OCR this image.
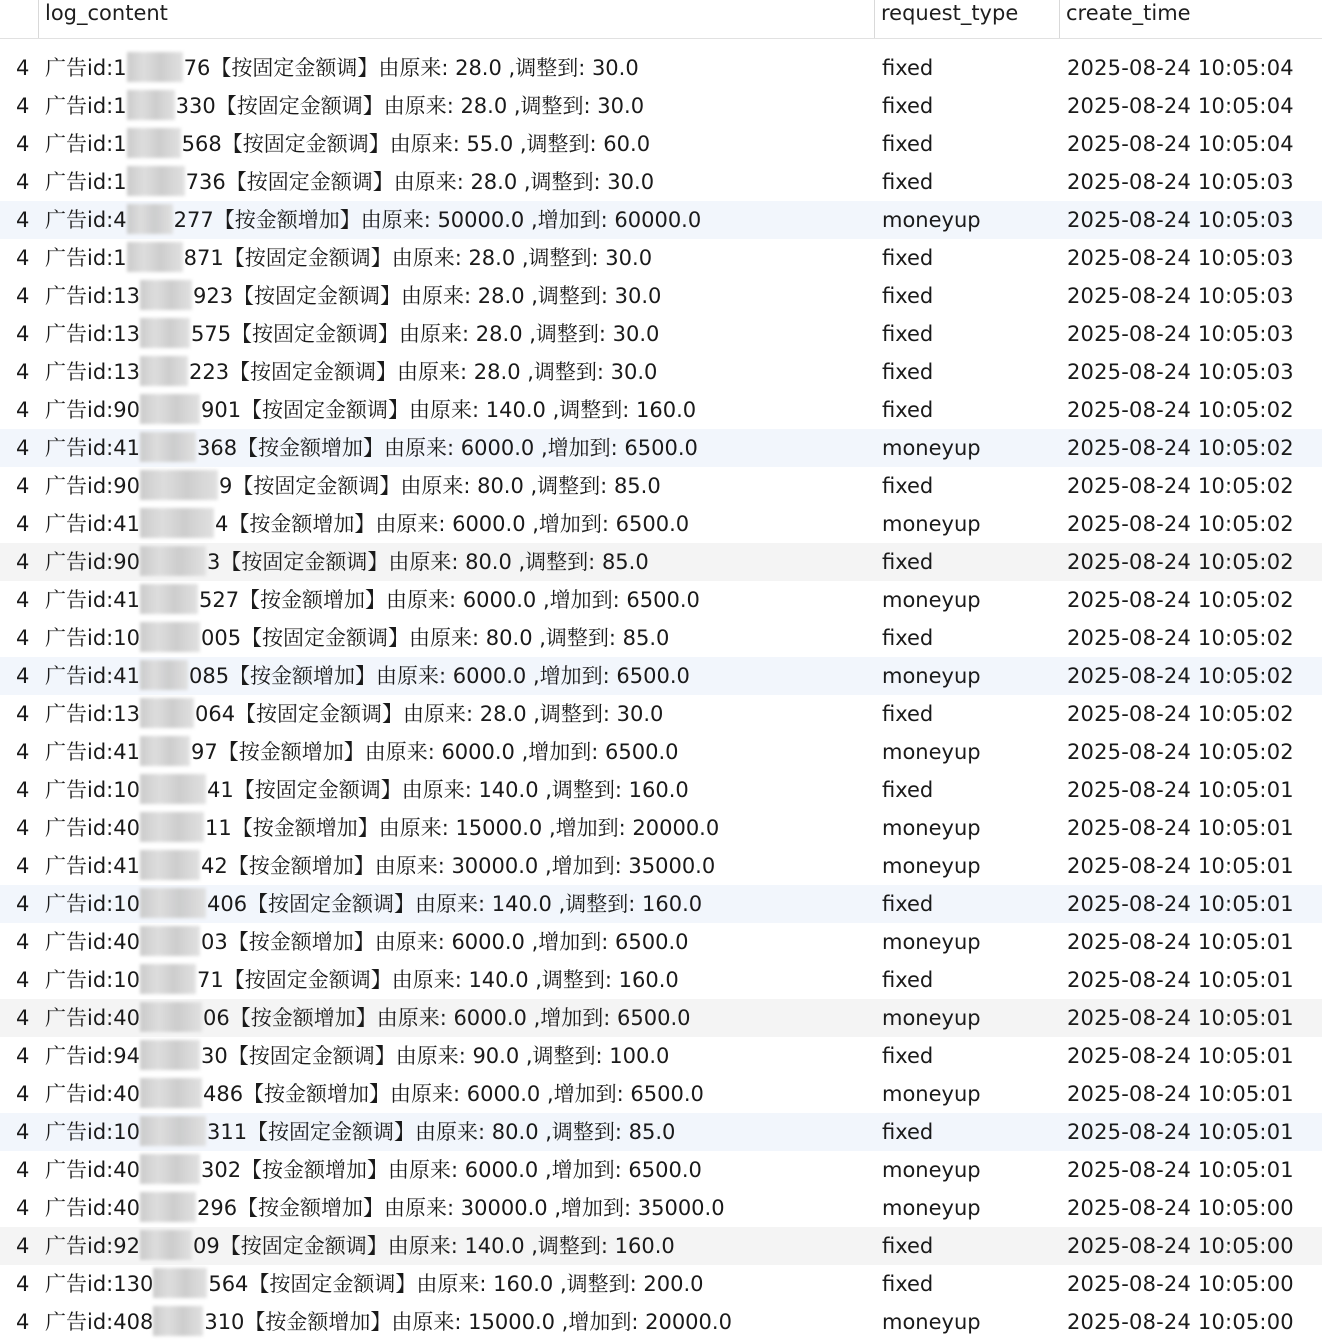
log_content	request_type	create_time
4 广告id:1	76【按固定金额调】由原来: 28.0 ,调整到: 30.0	fixed	2025-08-24 10:05:04
4 广告id:1 330【按固定金额调】由原来: 28.0 ,调整到: 30.0	fixed	2025-08-24 10:05:04
4 广告id:1	568【按固定金额调】由原来: 55.0 ,调整到: 60.0	fixed	2025-08-24 10:05:04
4 广告id:1	736【按固定金额调】由原来: 28.0 ,调整到: 30.0	fixed	2025-08-24 10:05:03
4 广告id:4 277【按金额增加】由原来: 50000.0 ,增加到: 60000.0	moneyup	2025-08-24 10:05:03
4 广告id:1	871【按固定金额调】由原来: 28.0 ,调整到: 30.0	fixed	2025-08-24 10:05:03
4 广告id:13	923【按固定金额调】由原来: 28.0 ,调整到: 30.0	fixed	2025-08-24 10:05:03
4 广告id:13 575【按固定金额调】由原来: 28.0 ,调整到: 30.0	fixed	2025-08-24 10:05:03
4 广告id:13 223【按固定金额调】由原来: 28.0 ,调整到: 30.0	fixed	2025-08-24 10:05:03
4 广告id:90	901【按固定金额调】由原来: 140.0 ,调整到: 160.0	fixed	2025-08-24 10:05:02
4 广告id:41	368【按金额增加】由原来: 6000.0 ,增加到: 6500.0	moneyup	2025-08-24 10:05:02
4 广告id:90	9【按固定金额调】由原来: 80.0 ,调整到: 85.0	fixed	2025-08-24 10:05:02
4 广告id:41	4【按金额增加】由原来: 6000.0 ,增加到: 6500.0	moneyup	2025-08-24 10:05:02
4 广告id:90	3【按固定金额调】由原来: 80.0 ,调整到: 85.0	fixed	2025-08-24 10:05:02
4 广告id:41	527【按金额增加】由原来: 6000.0 ,增加到: 6500.0	moneyup	2025-08-24 10:05:02
4 广告id:10	005【按固定金额调】由原来: 80.0 ,调整到: 85.0	fixed	2025-08-24 10:05:02
4 广告id:41 085【按金额增加】由原来: 6000.0 ,增加到: 6500.0	moneyup	2025-08-24 10:05:02
4 广告id:13	064【按固定金额调】由原来: 28.0 ,调整到: 30.0	fixed	2025-08-24 10:05:02
4 广告id:41 97【按金额增加】由原来: 6000.0 ,增加到: 6500.0	moneyup	2025-08-24 10:05:02
4 广告id:10	41【按固定金额调】由原来: 140.0 ,调整到: 160.0	fixed	2025-08-24 10:05:01
4 广告id:40	11【按金额增加】由原来: 15000.0 ,增加到: 20000.0	moneyup	2025-08-24 10:05:01
4 广告id:41	42【按金额增加】由原来: 30000.0 ,增加到: 35000.0	moneyup	2025-08-24 10:05:01
4 广告id:10	406【按固定金额调】由原来: 140.0 ,调整到: 160.0	fixed	2025-08-24 10:05:01
4 广告id:40	03【按金额增加】由原来: 6000.0 ,增加到: 6500.0	moneyup	2025-08-24 10:05:01
4 广告id:10	71【按固定金额调】由原来: 140.0 ,调整到: 160.0	fixed	2025-08-24 10:05:01
4 广告id:40	06【按金额增加】由原来: 6000.0 ,增加到: 6500.0	moneyup	2025-08-24 10:05:01
4 广告id:94	30【按固定金额调】由原来: 90.0 ,调整到: 100.0	fixed	2025-08-24 10:05:01
4 广告id:40	486【按金额增加】由原来: 6000.0 ,增加到: 6500.0	moneyup	2025-08-24 10:05:01
4 广告id:10	311【按固定金额调】由原来: 80.0 ,调整到: 85.0	fixed	2025-08-24 10:05:01
4 广告id:40	302【按金额增加】由原来: 6000.0 ,增加到: 6500.0	moneyup	2025-08-24 10:05:01
4 广告id:40	296【按金额增加】由原来: 30000.0 ,增加到: 35000.0	moneyup	2025-08-24 10:05:00
4 广告id:92	09【按固定金额调】由原来: 140.0 ,调整到: 160.0	fixed	2025-08-24 10:05:00
4 广告id:130	564【按固定金额调】由原来: 160.0 ,调整到: 200.0	fixed	2025-08-24 10:05:00
4 广告id:408 310【按金额增加】由原来: 15000.0 ,增加到: 20000.0	moneyup	2025-08-24 10:05:00
